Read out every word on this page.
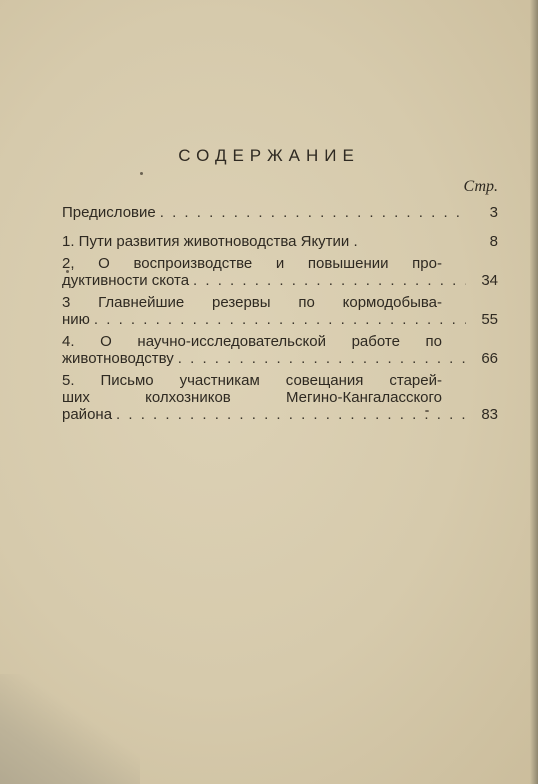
СОДЕРЖАНИЕ
Стр.
Предисловие . . .	3
1. Пути развития животноводства Якутии .	8
2, О воспроизводстве и повышении про-
дуктивности скота . . .	34
3 Главнейшие резервы по кормодобыва-
нию . . .	55
4. О научно-исследовательской работе по
животноводству . . .	66
5. Письмо участникам совещания старей-
ших колхозников Мегино-Кангаласского
района . . .	83
